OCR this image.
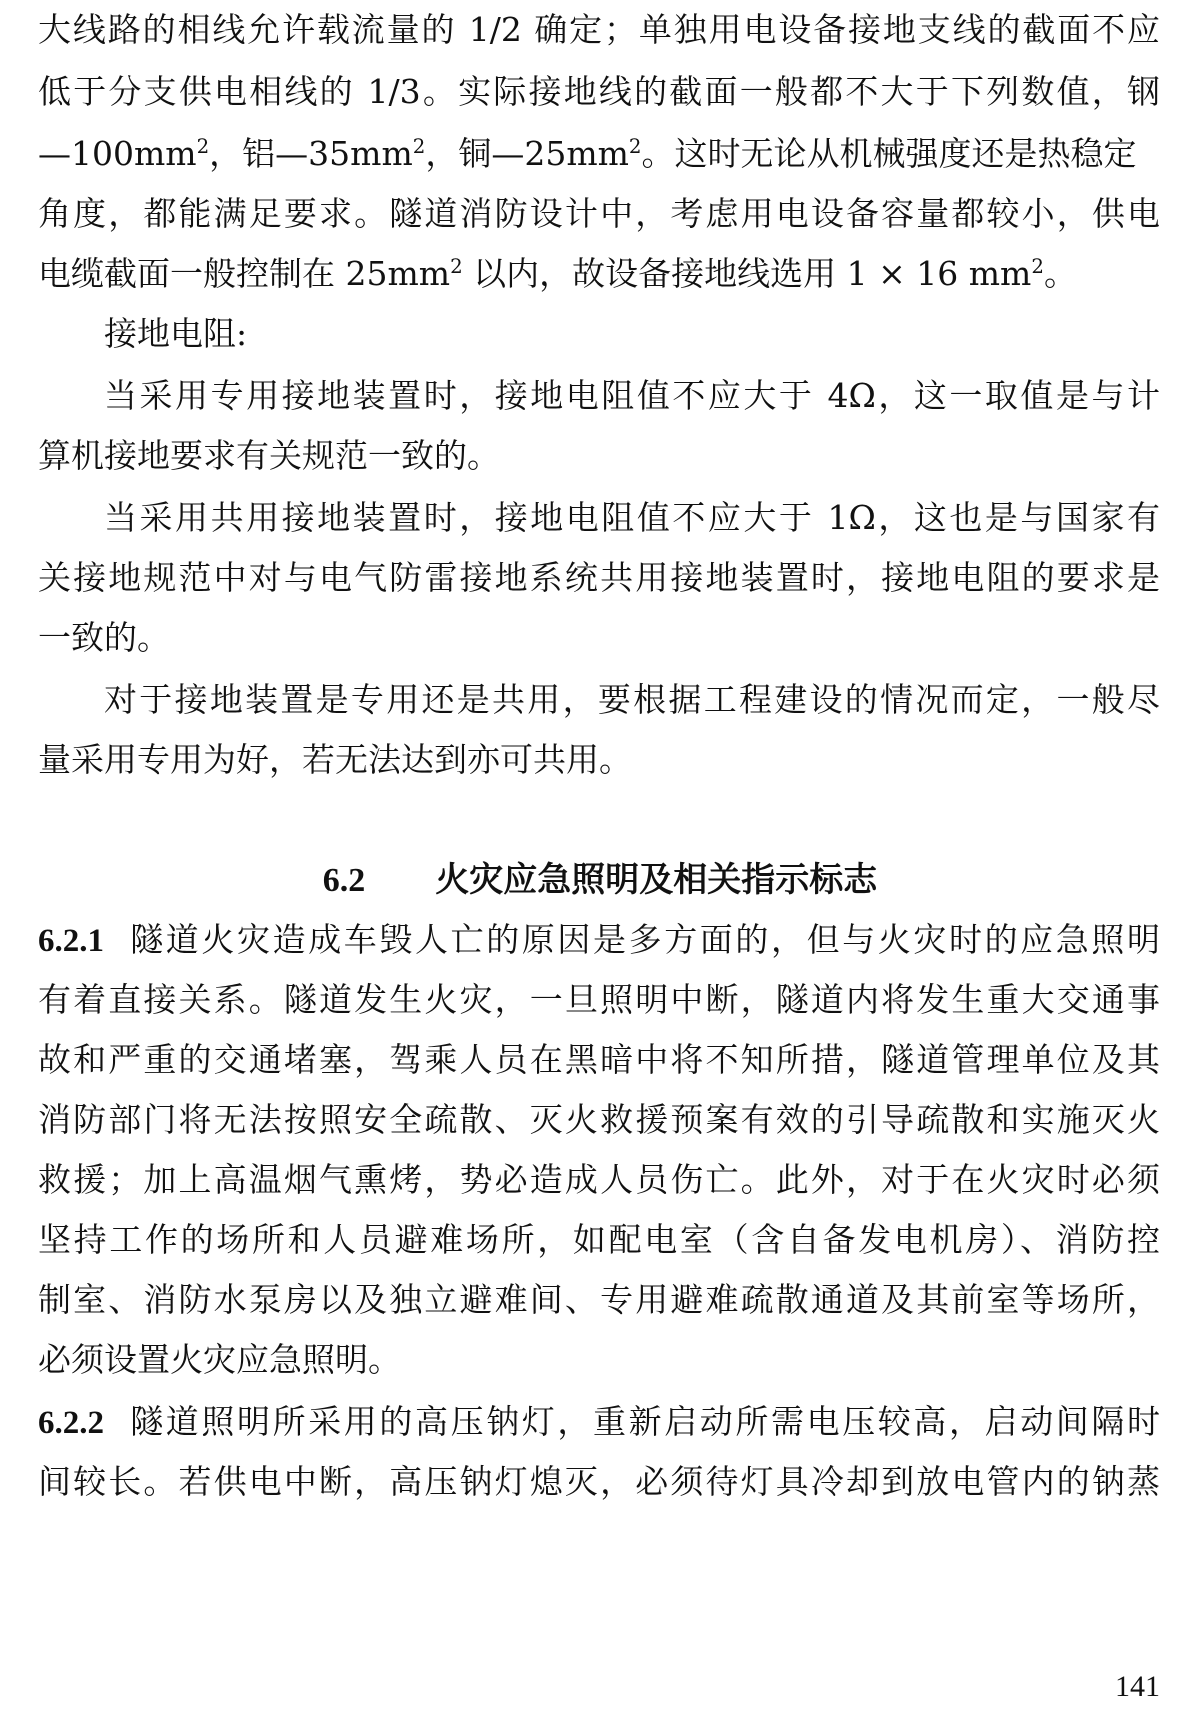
大线路的相线允许载流量的 1/2 确定；单独用电设备接地支线的截面不应
低于分支供电相线的 1/3。实际接地线的截面一般都不大于下列数值，钢
$—100mm^2$，铝$—35mm^2$，铜$—25mm^2$。这时无论从机械强度还是热稳定
角度，都能满足要求。隧道消防设计中，考虑用电设备容量都较小，供电
电缆截面一般控制在 $25mm^2$ 以内，故设备接地线选用 1 × 16 $mm^2$。
接地电阻:
当采用专用接地装置时，接地电阻值不应大于 4Ω，这一取值是与计
算机接地要求有关规范一致的。
当采用共用接地装置时，接地电阻值不应大于 1Ω，这也是与国家有
关接地规范中对与电气防雷接地系统共用接地装置时，接地电阻的要求是
一致的。
对于接地装置是专用还是共用，要根据工程建设的情况而定，一般尽
量采用专用为好，若无法达到亦可共用。
6.2 火灾应急照明及相关指示标志
6.2.1 隧道火灾造成车毁人亡的原因是多方面的，但与火灾时的应急照明
有着直接关系。隧道发生火灾，一旦照明中断，隧道内将发生重大交通事
故和严重的交通堵塞，驾乘人员在黑暗中将不知所措，隧道管理单位及其
消防部门将无法按照安全疏散、灭火救援预案有效的引导疏散和实施灭火
救援；加上高温烟气熏烤，势必造成人员伤亡。此外，对于在火灾时必须
坚持工作的场所和人员避难场所，如配电室（含自备发电机房）、消防控
制室、消防水泵房以及独立避难间、专用避难疏散通道及其前室等场所，
必须设置火灾应急照明。
6.2.2 隧道照明所采用的高压钠灯，重新启动所需电压较高，启动间隔时
间较长。若供电中断，高压钠灯熄灭，必须待灯具冷却到放电管内的钠蒸
141
